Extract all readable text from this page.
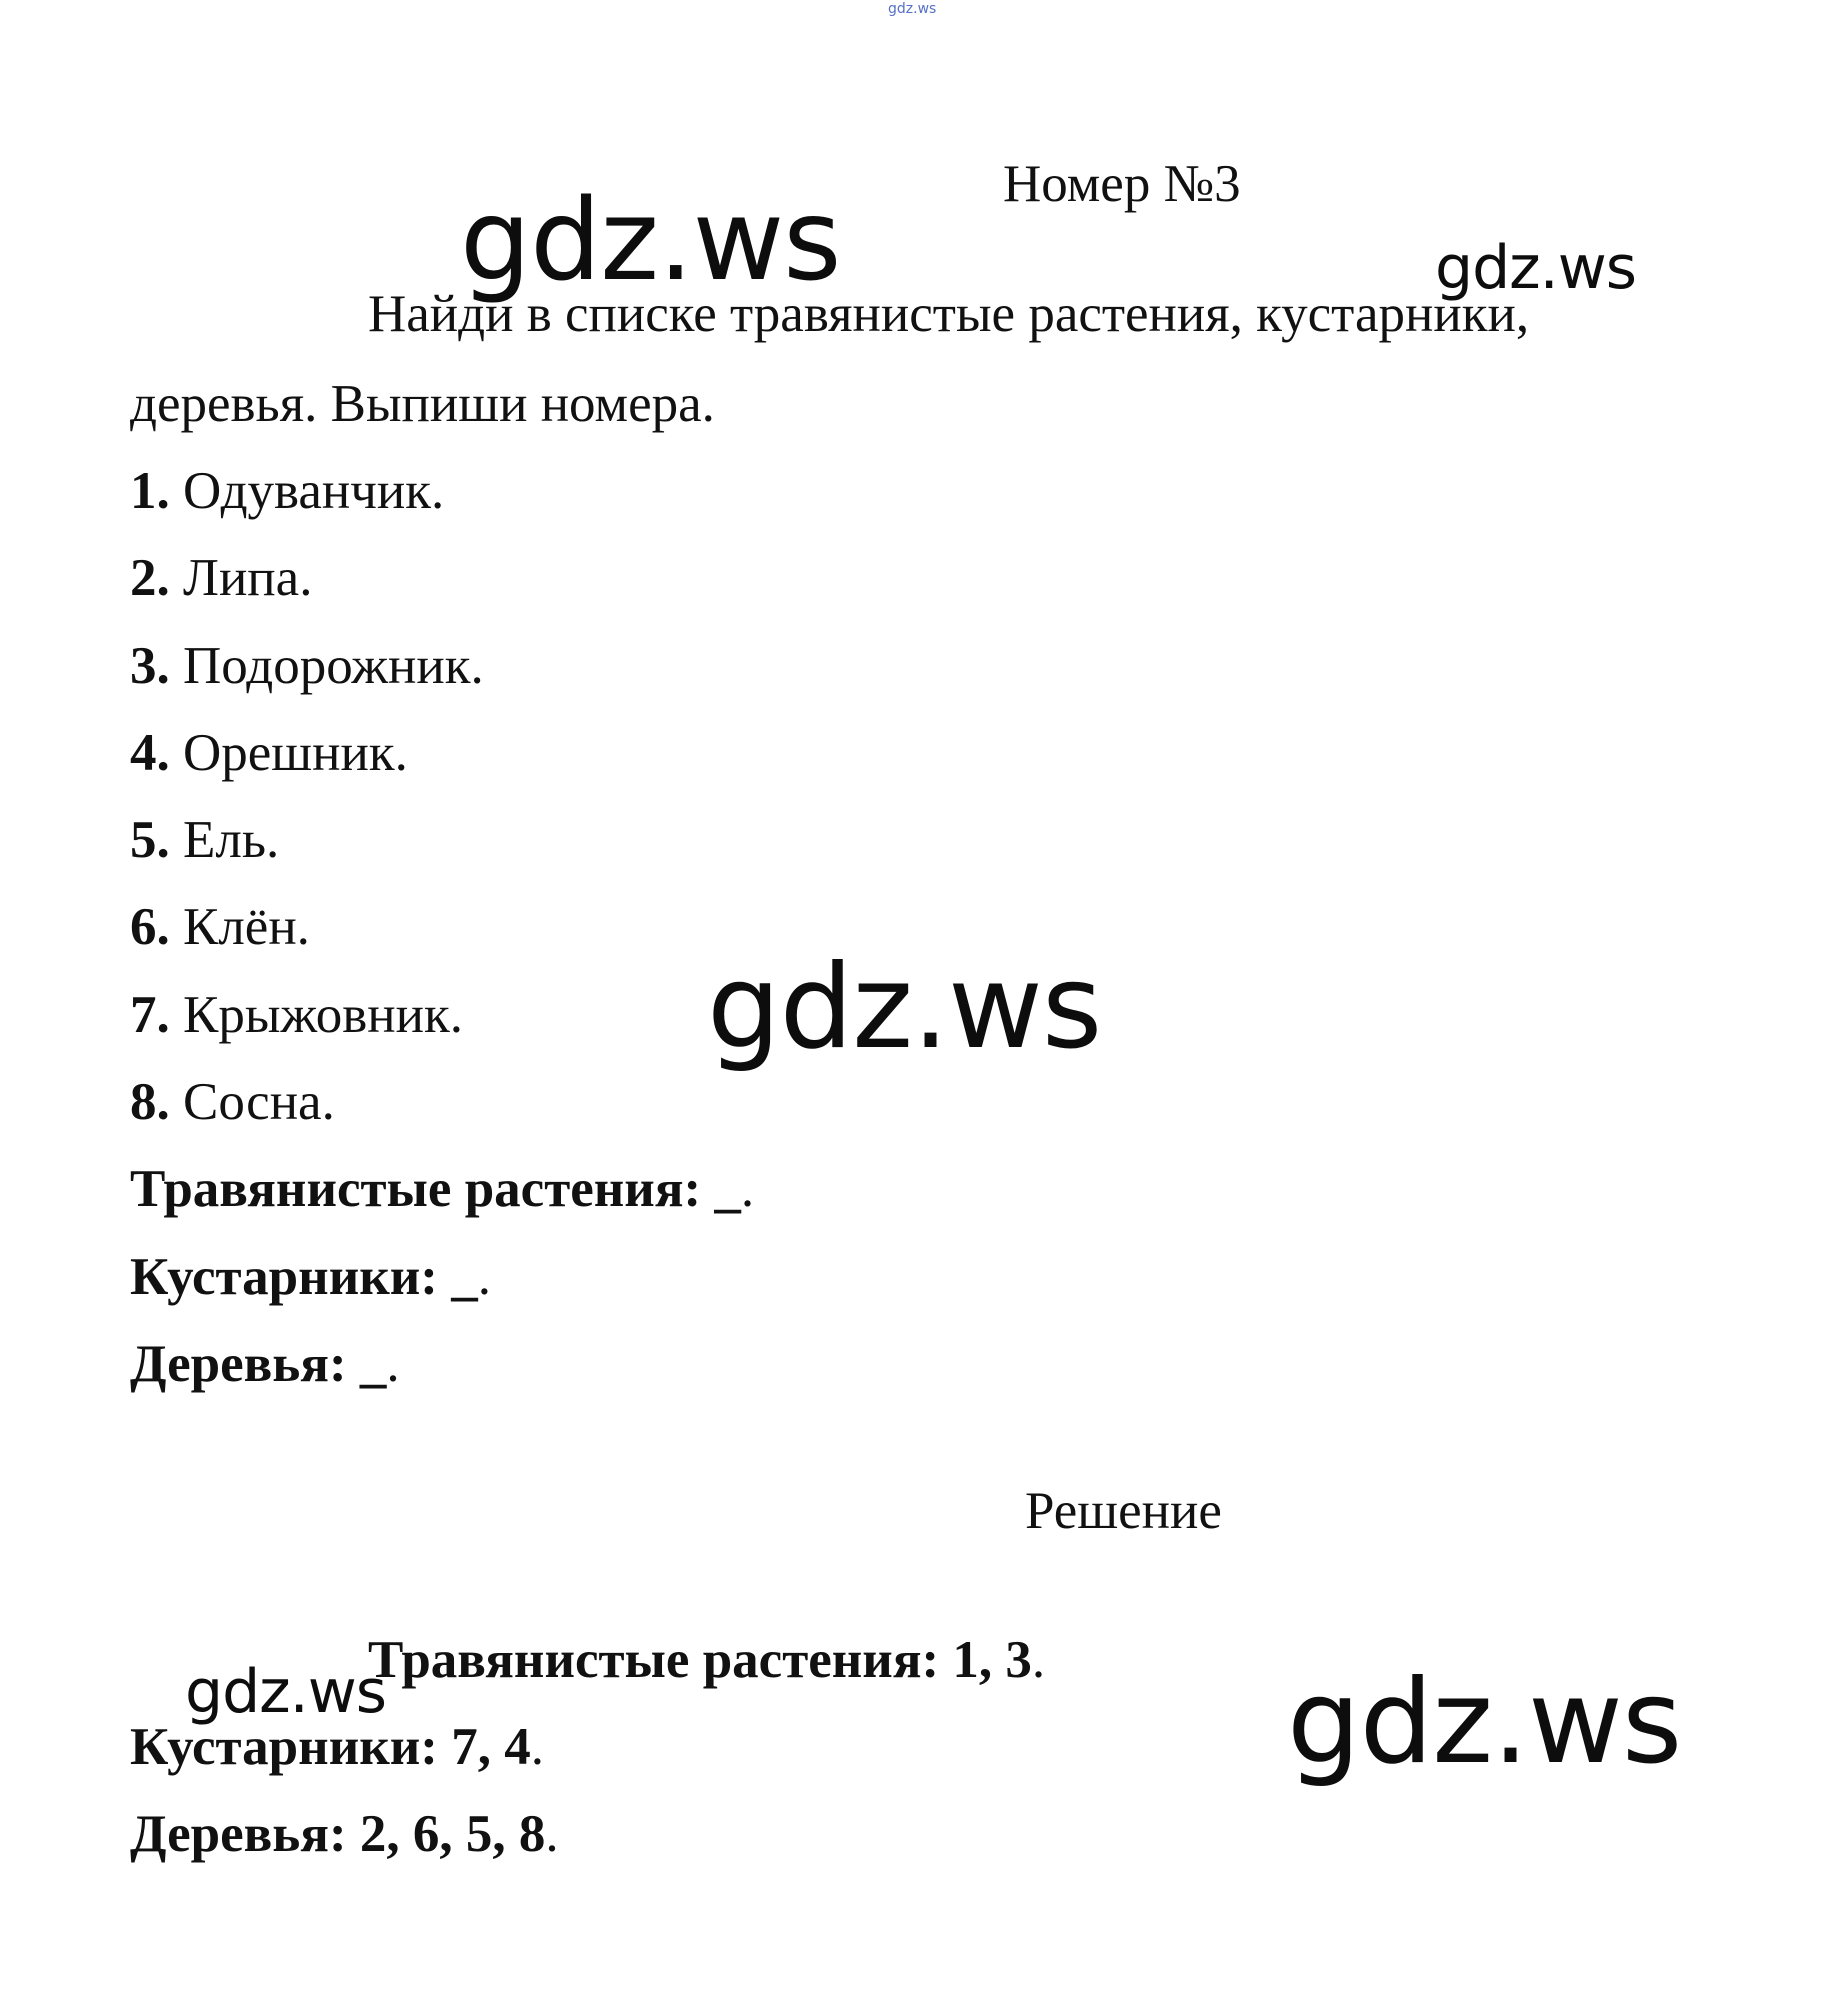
gdz.ws
Номер №3
Найди в списке травянистые растения, кустарники,
деревья. Выпиши номера.
1. Одуванчик.
2. Липа.
3. Подорожник.
4. Орешник.
5. Ель.
6. Клён.
7. Крыжовник.
8. Сосна.
Травянистые растения: _.
Кустарники: _.
Деревья: _.
Решение
Травянистые растения: 1, 3.
Кустарники: 7, 4.
Деревья: 2, 6, 5, 8.
gdz.ws	gdz.ws
gdz.ws
gdz.ws	gdz.ws
